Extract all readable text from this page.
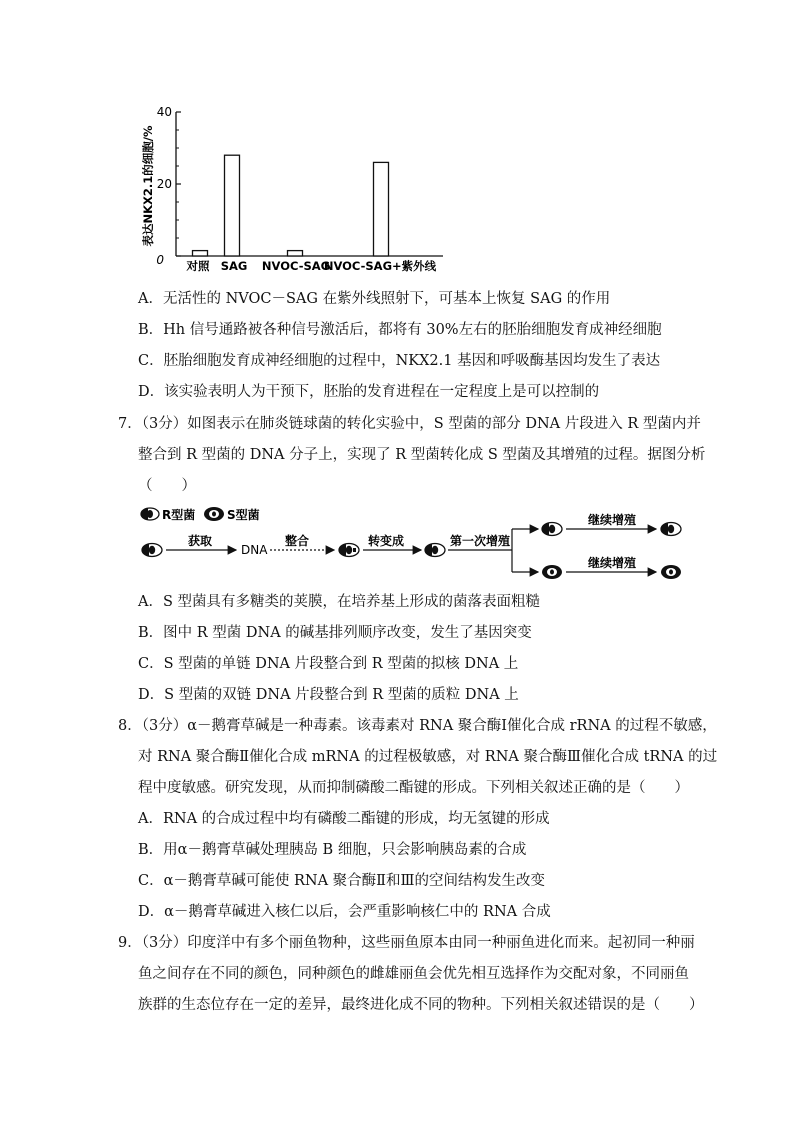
表达NKX2.1的细胞/%
0
20
40
对照 SAG NVOC-SAG
NVOC-SAG+紫外线
A．无活性的 NVOC－SAG 在紫外线照射下，可基本上恢复 SAG 的作用
B．Hh 信号通路被各种信号激活后，都将有 30%左右的胚胎细胞发育成神经细胞
C．胚胎细胞发育成神经细胞的过程中，NKX2.1 基因和呼吸酶基因均发生了表达
D．该实验表明人为干预下，胚胎的发育进程在一定程度上是可以控制的
7．（3分）如图表示在肺炎链球菌的转化实验中，S 型菌的部分 DNA 片段进入 R 型菌内并
整合到 R 型菌的 DNA 分子上，实现了 R 型菌转化成 S 型菌及其增殖的过程。据图分析
（　　）
R型菌	S型菌
获取
DNA
整合	转变成	第一次增殖
继续增殖
继续增殖
A．S 型菌具有多糖类的荚膜，在培养基上形成的菌落表面粗糙
B．图中 R 型菌 DNA 的碱基排列顺序改变，发生了基因突变
C．S 型菌的单链 DNA 片段整合到 R 型菌的拟核 DNA 上
D．S 型菌的双链 DNA 片段整合到 R 型菌的质粒 DNA 上
8．（3分）α－鹅膏草碱是一种毒素。该毒素对 RNA 聚合酶Ⅰ催化合成 rRNA 的过程不敏感，
对 RNA 聚合酶Ⅱ催化合成 mRNA 的过程极敏感，对 RNA 聚合酶Ⅲ催化合成 tRNA 的过
程中度敏感。研究发现，从而抑制磷酸二酯键的形成。下列相关叙述正确的是（　　）
A．RNA 的合成过程中均有磷酸二酯键的形成，均无氢键的形成
B．用α－鹅膏草碱处理胰岛 B 细胞，只会影响胰岛素的合成
C．α－鹅膏草碱可能使 RNA 聚合酶Ⅱ和Ⅲ的空间结构发生改变
D．α－鹅膏草碱进入核仁以后，会严重影响核仁中的 RNA 合成
9．（3分）印度洋中有多个丽鱼物种，这些丽鱼原本由同一种丽鱼进化而来。起初同一种丽
鱼之间存在不同的颜色，同种颜色的雌雄丽鱼会优先相互选择作为交配对象，不同丽鱼
族群的生态位存在一定的差异，最终进化成不同的物种。下列相关叙述错误的是（　　）
